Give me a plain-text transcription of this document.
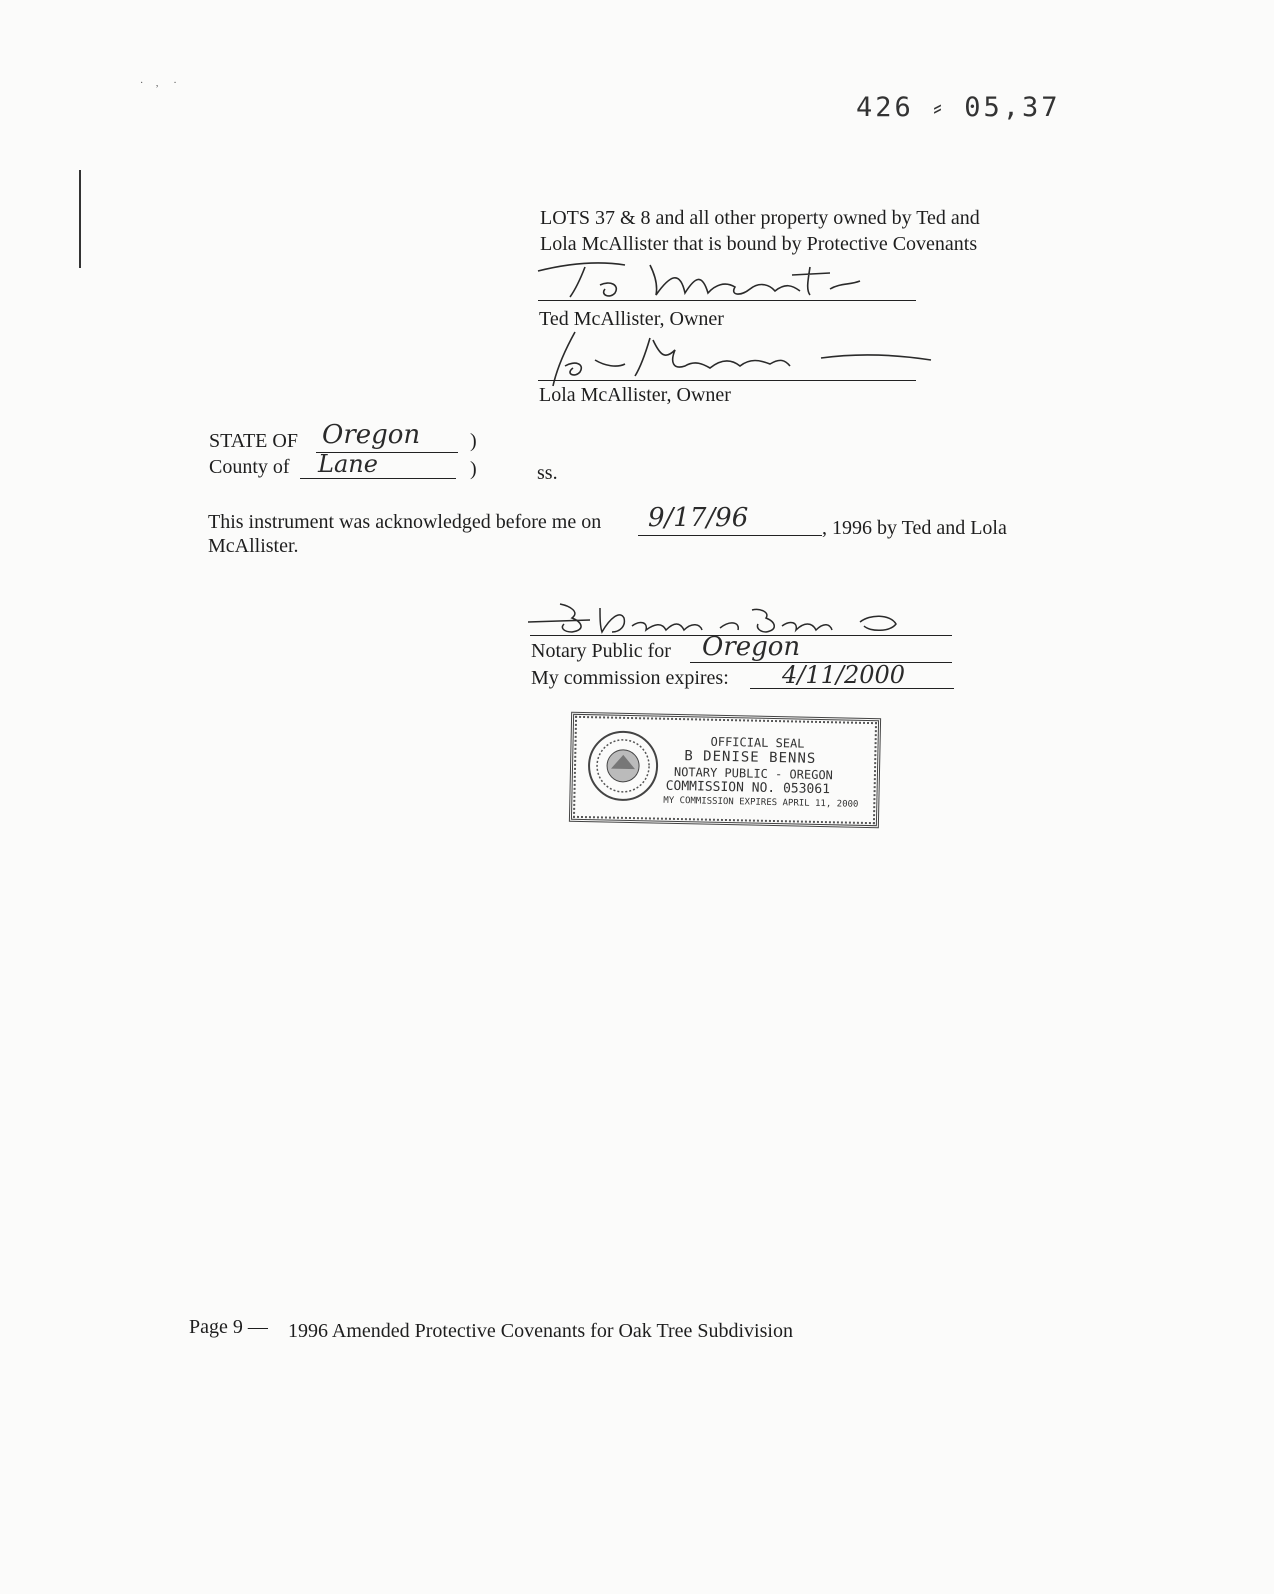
·     ,      ·
426 ⸗ 05,37
LOTS 37 & 8 and all other property owned by Ted and
Lola McAllister that is bound by Protective Covenants
Ted McAllister, Owner
Lola McAllister, Owner
STATE OF Oregon )
County of Lane	)	ss.
This instrument was acknowledged before me on 9/17/96	, 1996 by Ted and Lola
McAllister.
Notary Public for Oregon
My commission expires: 4/11/2000
OFFICIAL SEAL
B DENISE BENNS
NOTARY PUBLIC - OREGON
COMMISSION NO. 053061
MY COMMISSION EXPIRES APRIL 11, 2000
Page 9 — 1996 Amended Protective Covenants for Oak Tree Subdivision
